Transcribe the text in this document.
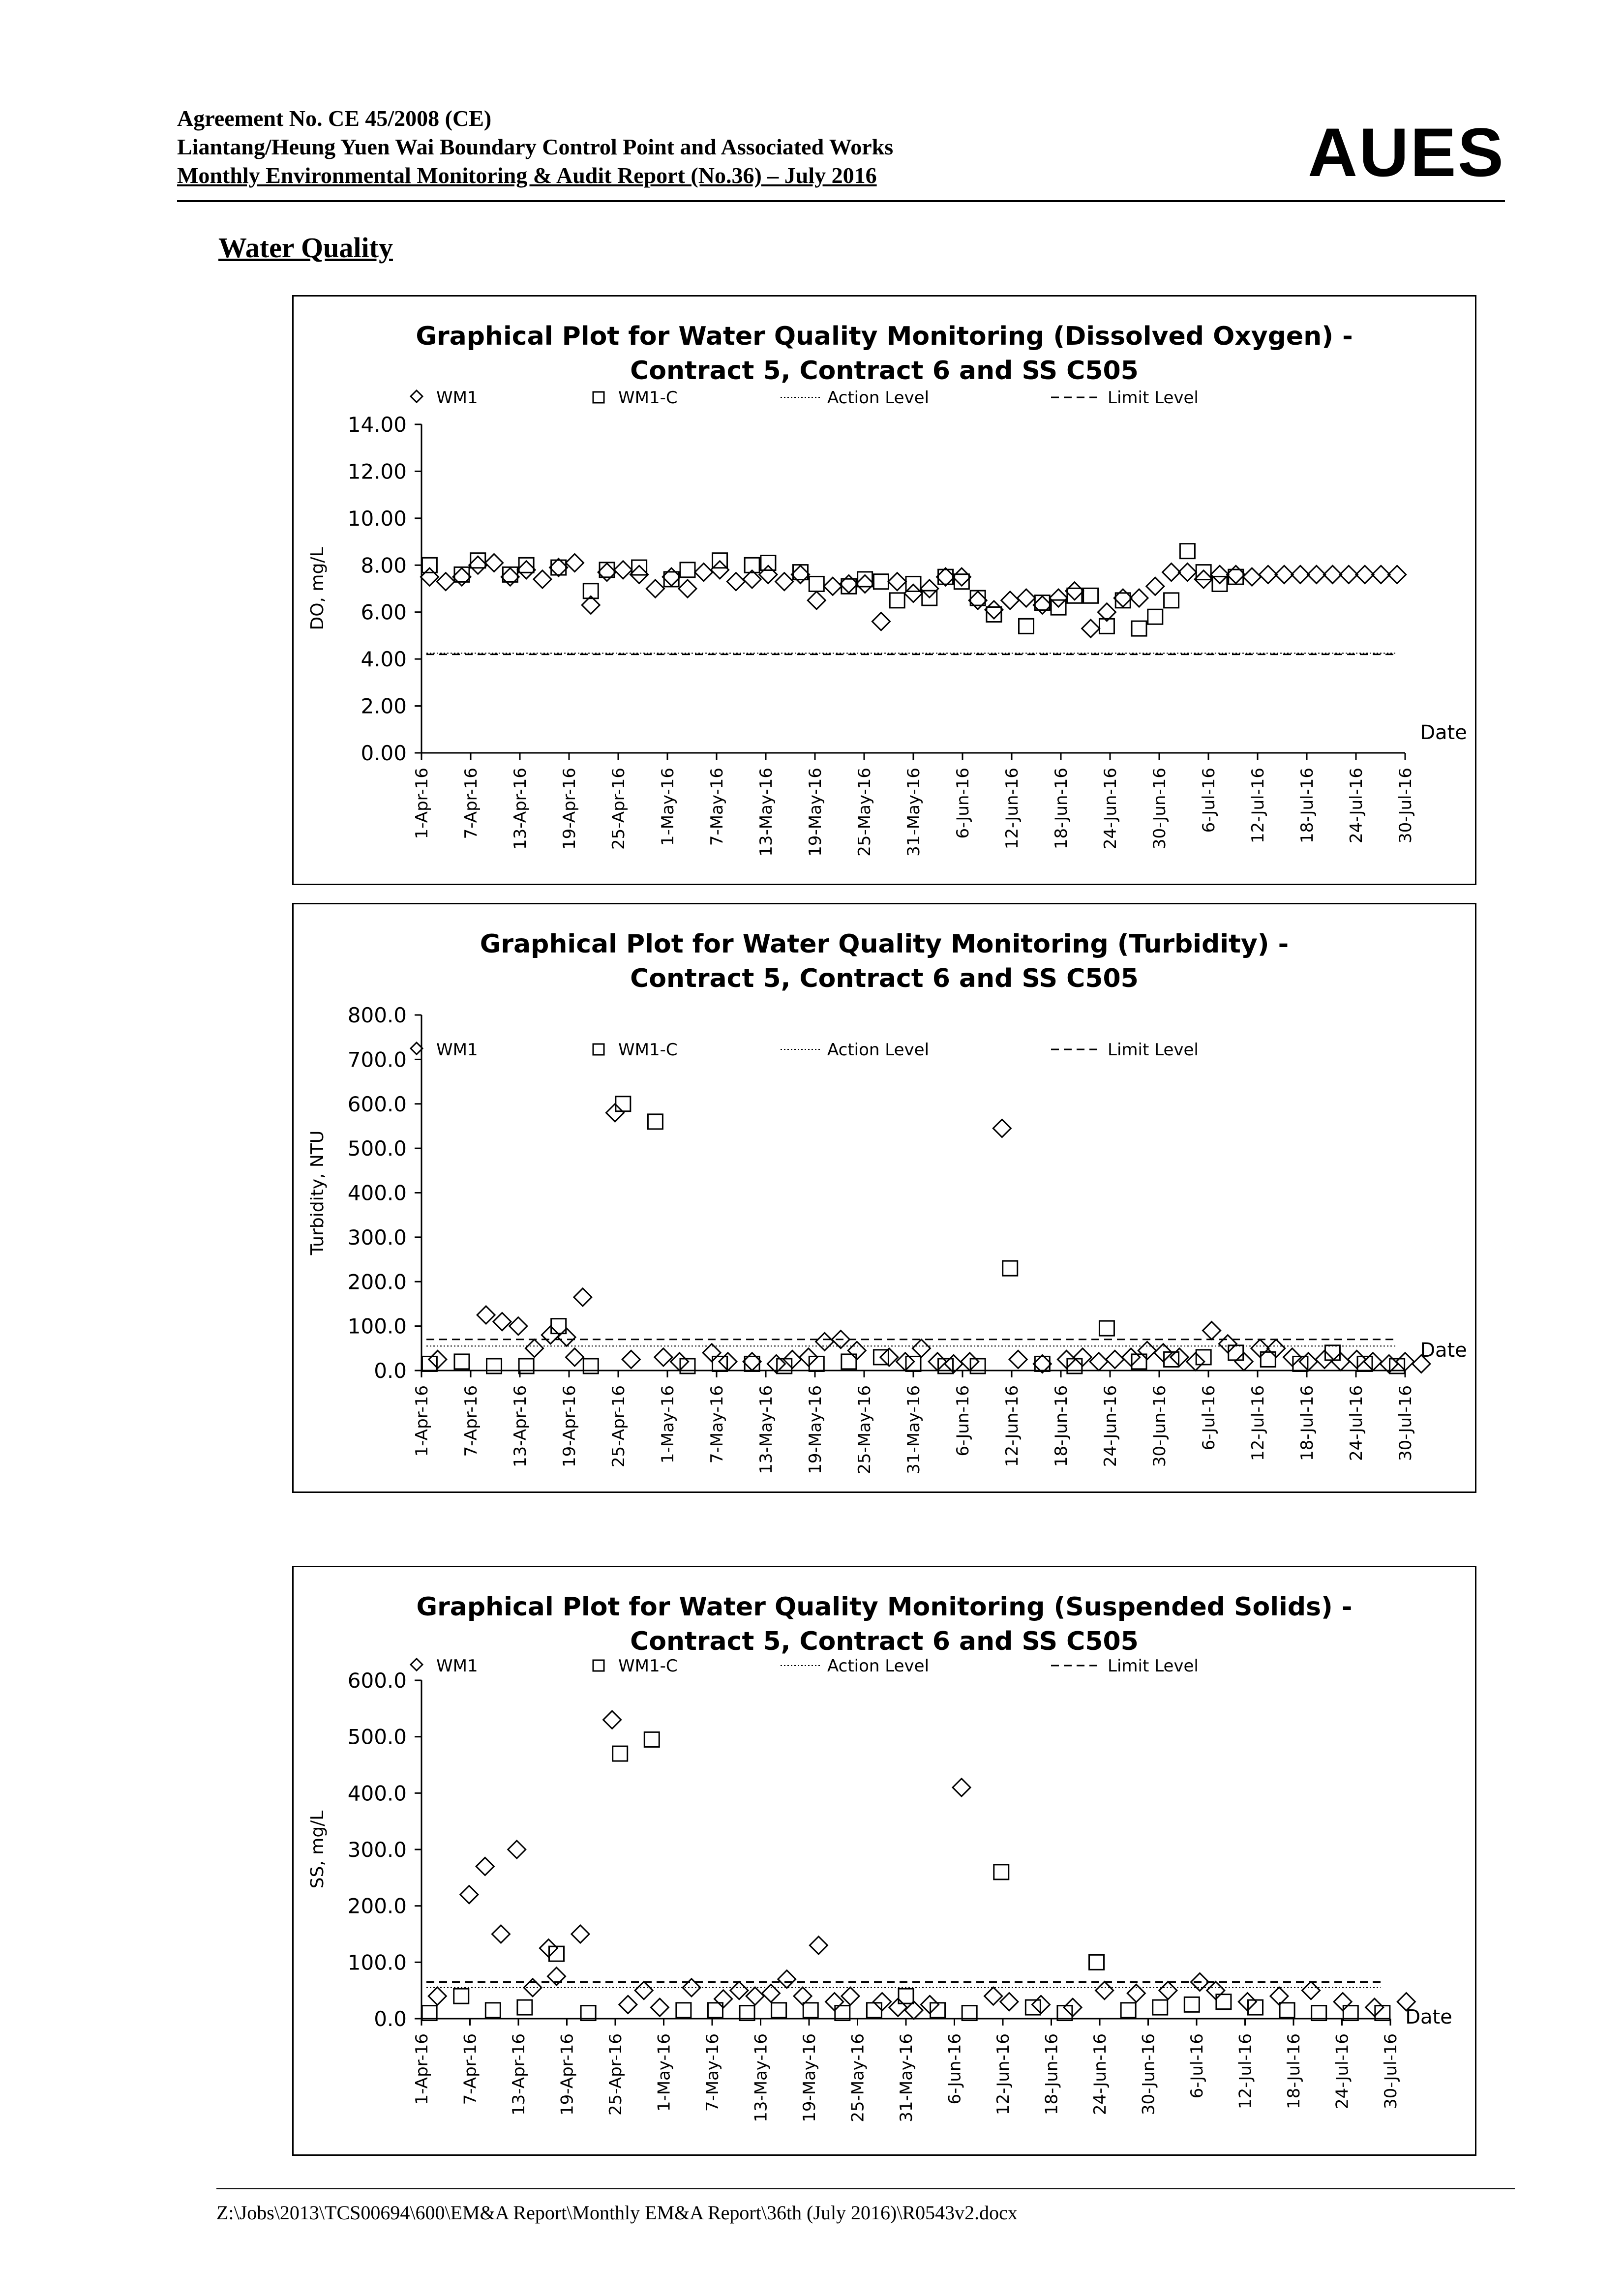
Agreement No. CE 45/2008 (CE)
Liantang/Heung Yuen Wai Boundary Control Point and Associated Works
Monthly Environmental Monitoring & Audit Report (No.36) – July 2016	AUES
Water Quality
Graphical Plot for Water Quality Monitoring (Dissolved Oxygen) -
Contract 5, Contract 6 and SS C505
WM1	WM1-C	Action Level	Limit Level
0.00
2.00
4.00
6.00
8.00
10.00
12.00
14.00
DO, mg/L
1-Apr-16 7-Apr-16 13-Apr-16 19-Apr-16 25-Apr-16 1-May-16 7-May-16 13-May-16 19-May-16 25-May-16 31-May-16 6-Jun-16 12-Jun-16 18-Jun-16 24-Jun-16 30-Jun-16 6-Jul-16 12-Jul-16 18-Jul-16 24-Jul-16 30-Jul-16
Date
Graphical Plot for Water Quality Monitoring (Turbidity) -
Contract 5, Contract 6 and SS C505
WM1	WM1-C	Action Level	Limit Level
0.0
100.0
200.0
300.0
400.0
500.0
600.0
700.0
800.0
Turbidity, NTU
1-Apr-16 7-Apr-16 13-Apr-16 19-Apr-16 25-Apr-16 1-May-16 7-May-16 13-May-16 19-May-16 25-May-16 31-May-16 6-Jun-16 12-Jun-16 18-Jun-16 24-Jun-16 30-Jun-16 6-Jul-16 12-Jul-16 18-Jul-16 24-Jul-16 30-Jul-16
Date
Graphical Plot for Water Quality Monitoring (Suspended Solids) -
Contract 5, Contract 6 and SS C505
WM1	WM1-C	Action Level	Limit Level
0.0
100.0
200.0
300.0
400.0
500.0
600.0
SS, mg/L
1-Apr-16 7-Apr-16 13-Apr-16 19-Apr-16 25-Apr-16 1-May-16 7-May-16 13-May-16 19-May-16 25-May-16 31-May-16 6-Jun-16 12-Jun-16 18-Jun-16 24-Jun-16 30-Jun-16 6-Jul-16 12-Jul-16 18-Jul-16 24-Jul-16 30-Jul-16
Date
Z:\Jobs\2013\TCS00694\600\EM&A Report\Monthly EM&A Report\36th (July 2016)\R0543v2.docx
